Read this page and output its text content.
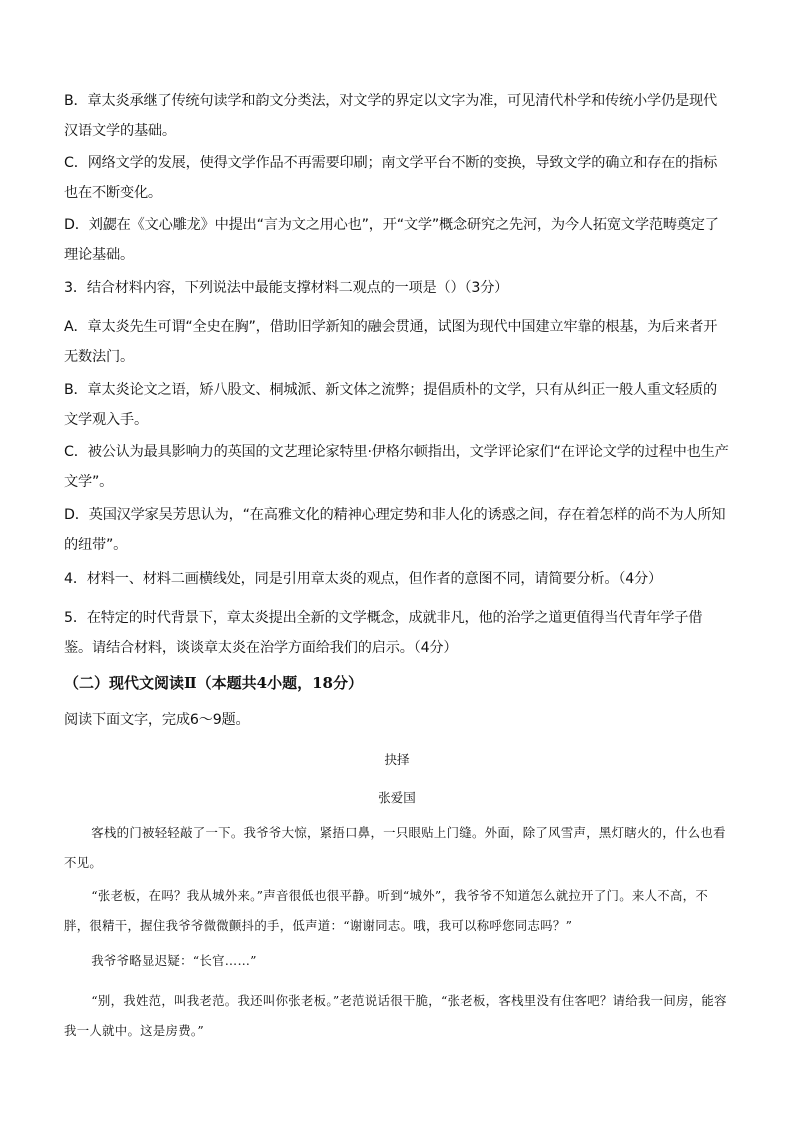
B．章太炎承继了传统句读学和韵文分类法，对文学的界定以文字为准，可见清代朴学和传统小学仍是现代汉语文学的基础。

C．网络文学的发展，使得文学作品不再需要印刷；南文学平台不断的变换，导致文学的确立和存在的指标也在不断变化。

D．刘勰在《文心雕龙》中提出“言为文之用心也”，开“文学”概念研究之先河，为今人拓宽文学范畴奠定了理论基础。

3．结合材料内容，下列说法中最能支撑材料二观点的一项是（）（3分）

A．章太炎先生可谓“全史在胸”，借助旧学新知的融会贯通，试图为现代中国建立牢靠的根基，为后来者开无数法门。

B．章太炎论文之语，矫八股文、桐城派、新文体之流弊；提倡质朴的文学，只有从纠正一般人重文轻质的文学观入手。

C．被公认为最具影响力的英国的文艺理论家特里·伊格尔顿指出，文学评论家们“在评论文学的过程中也生产文学”。

D．英国汉学家吴芳思认为，“在高雅文化的精神心理定势和非人化的诱惑之间，存在着怎样的尚不为人所知的纽带”。

4．材料一、材料二画横线处，同是引用章太炎的观点，但作者的意图不同，请简要分析。（4分）

5．在特定的时代背景下，章太炎提出全新的文学概念，成就非凡，他的治学之道更值得当代青年学子借鉴。请结合材料，谈谈章太炎在治学方面给我们的启示。（4分）

（二）现代文阅读Ⅱ（本题共4小题，18分）

阅读下面文字，完成6～9题。

抉择

张爱国

客栈的门被轻轻敲了一下。我爷爷大惊，紧捂口鼻，一只眼贴上门缝。外面，除了风雪声，黑灯瞎火的，什么也看不见。

“张老板，在吗？我从城外来。”声音很低也很平静。听到“城外”，我爷爷不知道怎么就拉开了门。来人不高，不胖，很精干，握住我爷爷微微颤抖的手，低声道：“谢谢同志。哦，我可以称呼您同志吗？”

我爷爷略显迟疑：“长官……”

“别，我姓范，叫我老范。我还叫你张老板。”老范说话很干脆，“张老板，客栈里没有住客吧？请给我一间房，能容我一人就中。这是房费。”
